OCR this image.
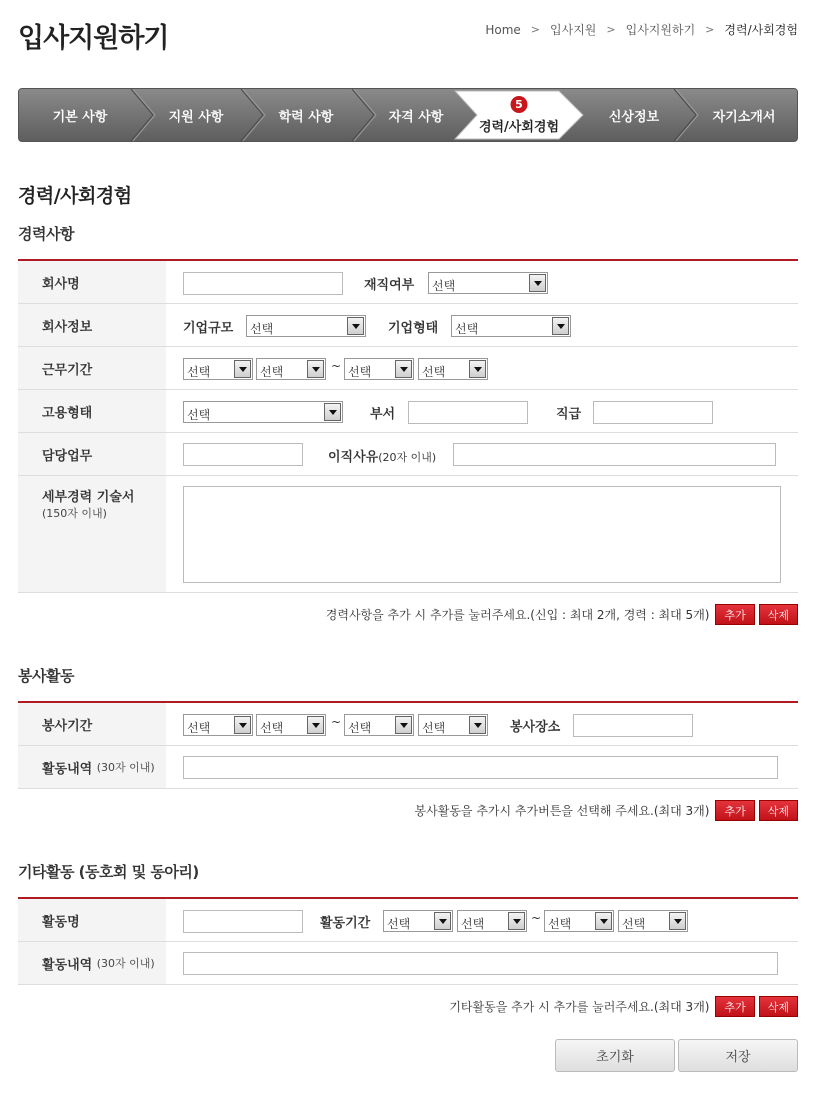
입사지원하기	Home > 입사지원 > 입사지원하기 > 경력/사회경험
기본 사항	지원 사항	학력 사항	자격 사항
5
경력/사회경험
신상정보	자기소개서
경력/사회경험
경력사항
회사명	재직여부	선택
회사정보	기업규모	선택	기업형태	선택
근무기간	선택	선택	~ 선택	선택
고용형태	선택	부서	직급
담당업무	이직사유(20자 이내)
세부경력 기술서
(150자 이내)
경력사항을 추가 시 추가를 눌러주세요.(신입 : 최대 2개, 경력 : 최대 5개)	추가	삭제
봉사활동
봉사기간	선택	선택	~ 선택	선택	봉사장소
활동내역
(30자 이내)
봉사활동을 추가시 추가버튼을 선택해 주세요.(최대 3개)	추가	삭제
기타활동 (동호회 및 동아리)
활동명	활동기간	선택	선택	~ 선택	선택
활동내역
(30자 이내)
기타활동을 추가 시 추가를 눌러주세요.(최대 3개)	추가	삭제
초기화	저장
